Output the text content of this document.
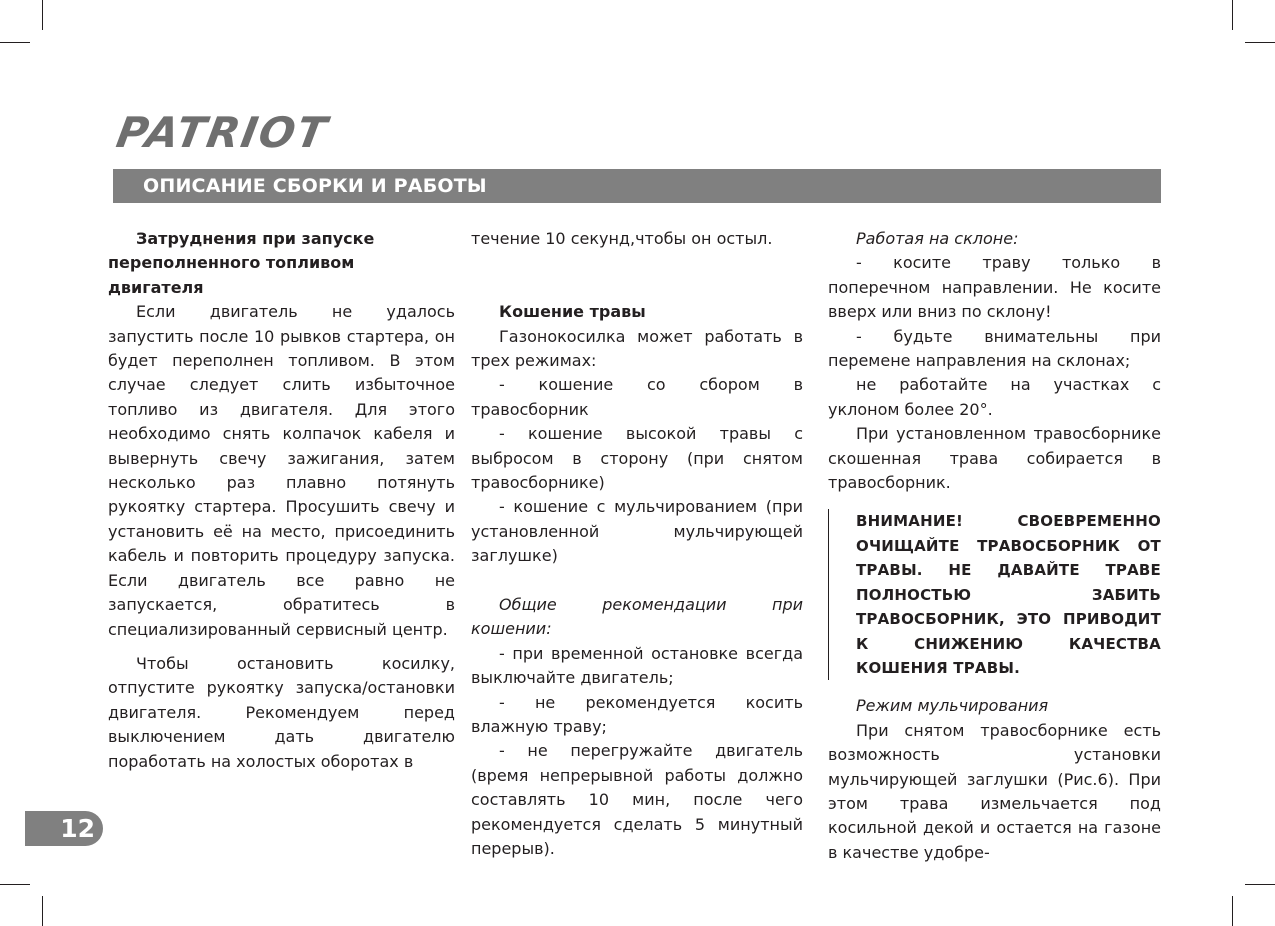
PATRIOT
ОПИСАНИЕ СБОРКИ И РАБОТЫ

Затруднения при запуске переполненного топливом двигателя

Если двигатель не удалось запустить после 10 рывков стартера, он будет переполнен топливом. В этом случае следует слить избыточное топливо из двигателя. Для этого необходимо снять колпачок кабеля и вывернуть свечу зажигания, затем несколько раз плавно потянуть рукоятку стартера. Просушить свечу и установить её на место, присоединить кабель и повторить процедуру запуска. Если двигатель все равно не запускается, обратитесь в специализированный сервисный центр.

Чтобы остановить косилку, отпустите рукоятку запуска/остановки двигателя. Рекомендуем перед выключением дать двигателю поработать на холостых оборотах в

течение 10 секунд,чтобы он остыл.

Кошение травы

Газонокосилка может работать в трех режимах:

- кошение со сбором в травосборник

- кошение высокой травы с выбросом в сторону (при снятом травосборнике)

- кошение с мульчированием (при установленной мульчирующей заглушке)

Общие рекомендации при кошении:

- при временной остановке всегда выключайте двигатель;

- не рекомендуется косить влажную траву;

- не перегружайте двигатель (время непрерывной работы должно составлять 10 мин, после чего рекомендуется сделать 5 минутный перерыв).

Работая на склоне:

- косите траву только в поперечном направлении. Не косите вверх или вниз по склону!

- будьте внимательны при перемене направления на склонах;

не работайте на участках с уклоном более 20°.

При установленном травосборнике скошенная трава собирается в травосборник.

ВНИМАНИЕ! СВОЕВРЕМЕННО ОЧИЩАЙТЕ ТРАВОСБОРНИК ОТ ТРАВЫ. НЕ ДАВАЙТЕ ТРАВЕ ПОЛНОСТЬЮ ЗАБИТЬ ТРАВОСБОРНИК, ЭТО ПРИВОДИТ К СНИЖЕНИЮ КАЧЕСТВА КОШЕНИЯ ТРАВЫ.

Режим мульчирования

При снятом травосборнике есть возможность установки мульчирующей заглушки (Рис.6). При этом трава измельчается под косильной декой и остается на газоне в качестве удобре-

12
